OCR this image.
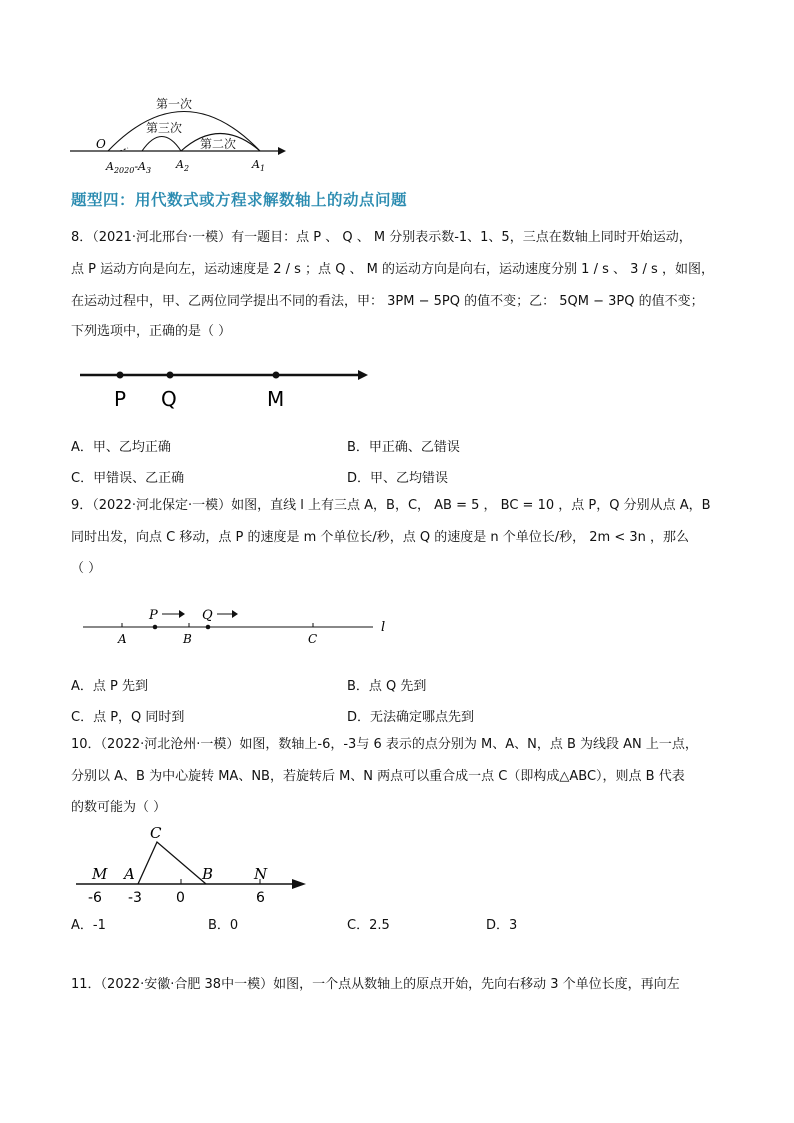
第一次
第三次
第二次
O
$A_{2020}-A_3$ $A_2$	$A_1$
题型四：用代数式或方程求解数轴上的动点问题
8．（2021·河北邢台·一模）有一题目：点 P 、 Q 、 M 分别表示数-1、1、5，三点在数轴上同时开始运动，
点 P 运动方向是向左，运动速度是 2 / s ；点 Q 、 M 的运动方向是向右，运动速度分别 1 / s 、 3 / s ，如图，
在运动过程中，甲、乙两位同学提出不同的看法，甲： 3PM − 5PQ 的值不变；乙： 5QM − 3PQ 的值不变；
下列选项中，正确的是（ ）
P Q	M
A．甲、乙均正确	B．甲正确、乙错误
C．甲错误、乙正确	D．甲、乙均错误
9．（2022·河北保定·一模）如图，直线 l 上有三点 A，B，C， AB = 5 ， BC = 10 ，点 P，Q 分别从点 A，B
同时出发，向点 C 移动，点 P 的速度是 m 个单位长/秒，点 Q 的速度是 n 个单位长/秒， 2m < 3n ，那么
（ ）
P	Q
A	B	C
l
A．点 P 先到	B．点 Q 先到
C．点 P，Q 同时到	D．无法确定哪点先到
10．（2022·河北沧州·一模）如图，数轴上-6，-3与 6 表示的点分别为 M、A、N，点 B 为线段 AN 上一点，
分别以 A、B 为中心旋转 MA、NB，若旋转后 M、N 两点可以重合成一点 C（即构成△ABC），则点 B 代表
的数可能为（ ）
C
M A	B	N
-6 -3 0	6
A．-1	B．0	C．2.5	D．3
11．（2022·安徽·合肥 38中一模）如图，一个点从数轴上的原点开始，先向右移动 3 个单位长度，再向左
